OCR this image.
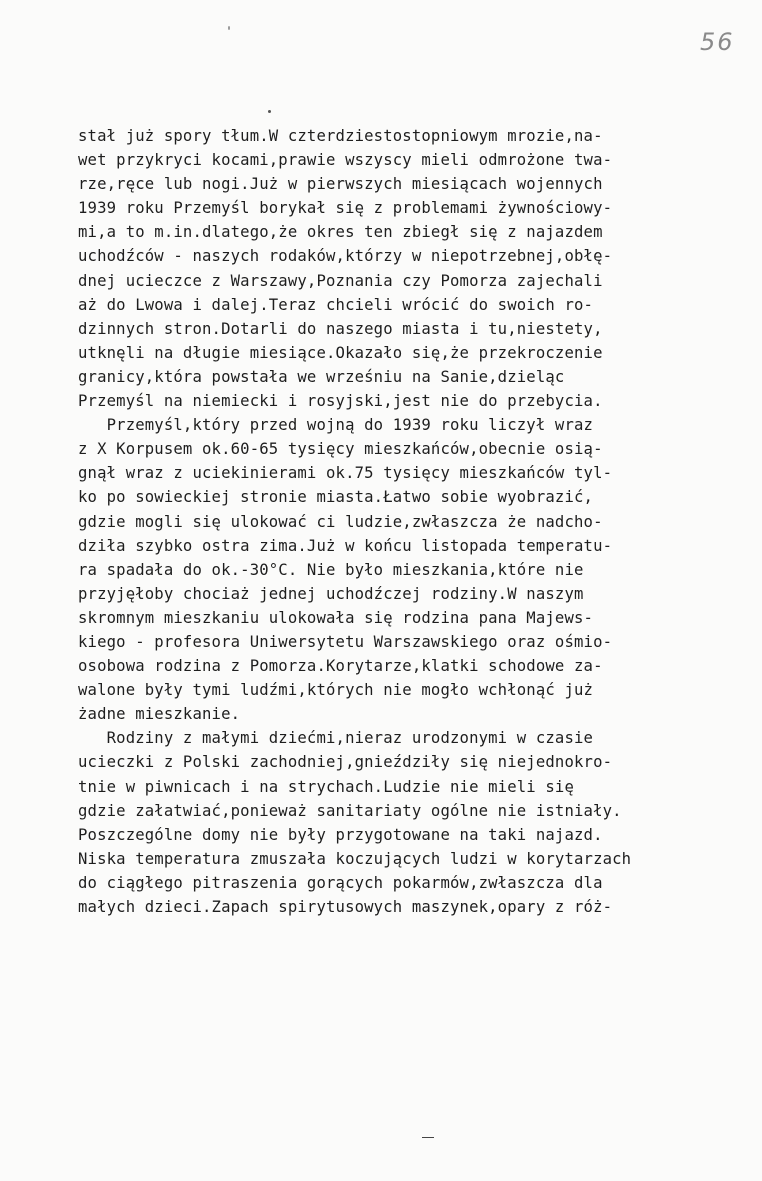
56
stał już spory tłum.W czterdziestostopniowym mrozie,na-
wet przykryci kocami,prawie wszyscy mieli odmrożone twa-
rze,ręce lub nogi.Już w pierwszych miesiącach wojennych
1939 roku Przemyśl borykał się z problemami żywnościowy-
mi,a to m.in.dlatego,że okres ten zbiegł się z najazdem
uchodźców - naszych rodaków,którzy w niepotrzebnej,obłę-
dnej ucieczce z Warszawy,Poznania czy Pomorza zajechali
aż do Lwowa i dalej.Teraz chcieli wrócić do swoich ro-
dzinnych stron.Dotarli do naszego miasta i tu,niestety,
utknęli na długie miesiące.Okazało się,że przekroczenie
granicy,która powstała we wrześniu na Sanie,dzieląc
Przemyśl na niemiecki i rosyjski,jest nie do przebycia.
Przemyśl,który przed wojną do 1939 roku liczył wraz
z X Korpusem ok.60-65 tysięcy mieszkańców,obecnie osią-
gnął wraz z uciekinierami ok.75 tysięcy mieszkańców tyl-
ko po sowieckiej stronie miasta.Łatwo sobie wyobrazić,
gdzie mogli się ulokować ci ludzie,zwłaszcza że nadcho-
dziła szybko ostra zima.Już w końcu listopada temperatu-
ra spadała do ok.-30°C. Nie było mieszkania,które nie
przyjęłoby chociaż jednej uchodźczej rodziny.W naszym
skromnym mieszkaniu ulokowała się rodzina pana Majews-
kiego - profesora Uniwersytetu Warszawskiego oraz ośmio-
osobowa rodzina z Pomorza.Korytarze,klatki schodowe za-
walone były tymi ludźmi,których nie mogło wchłonąć już
żadne mieszkanie.
Rodziny z małymi dziećmi,nieraz urodzonymi w czasie
ucieczki z Polski zachodniej,gnieździły się niejednokro-
tnie w piwnicach i na strychach.Ludzie nie mieli się
gdzie załatwiać,ponieważ sanitariaty ogólne nie istniały.
Poszczególne domy nie były przygotowane na taki najazd.
Niska temperatura zmuszała koczujących ludzi w korytarzach
do ciągłego pitraszenia gorących pokarmów,zwłaszcza dla
małych dzieci.Zapach spirytusowych maszynek,opary z róż-
